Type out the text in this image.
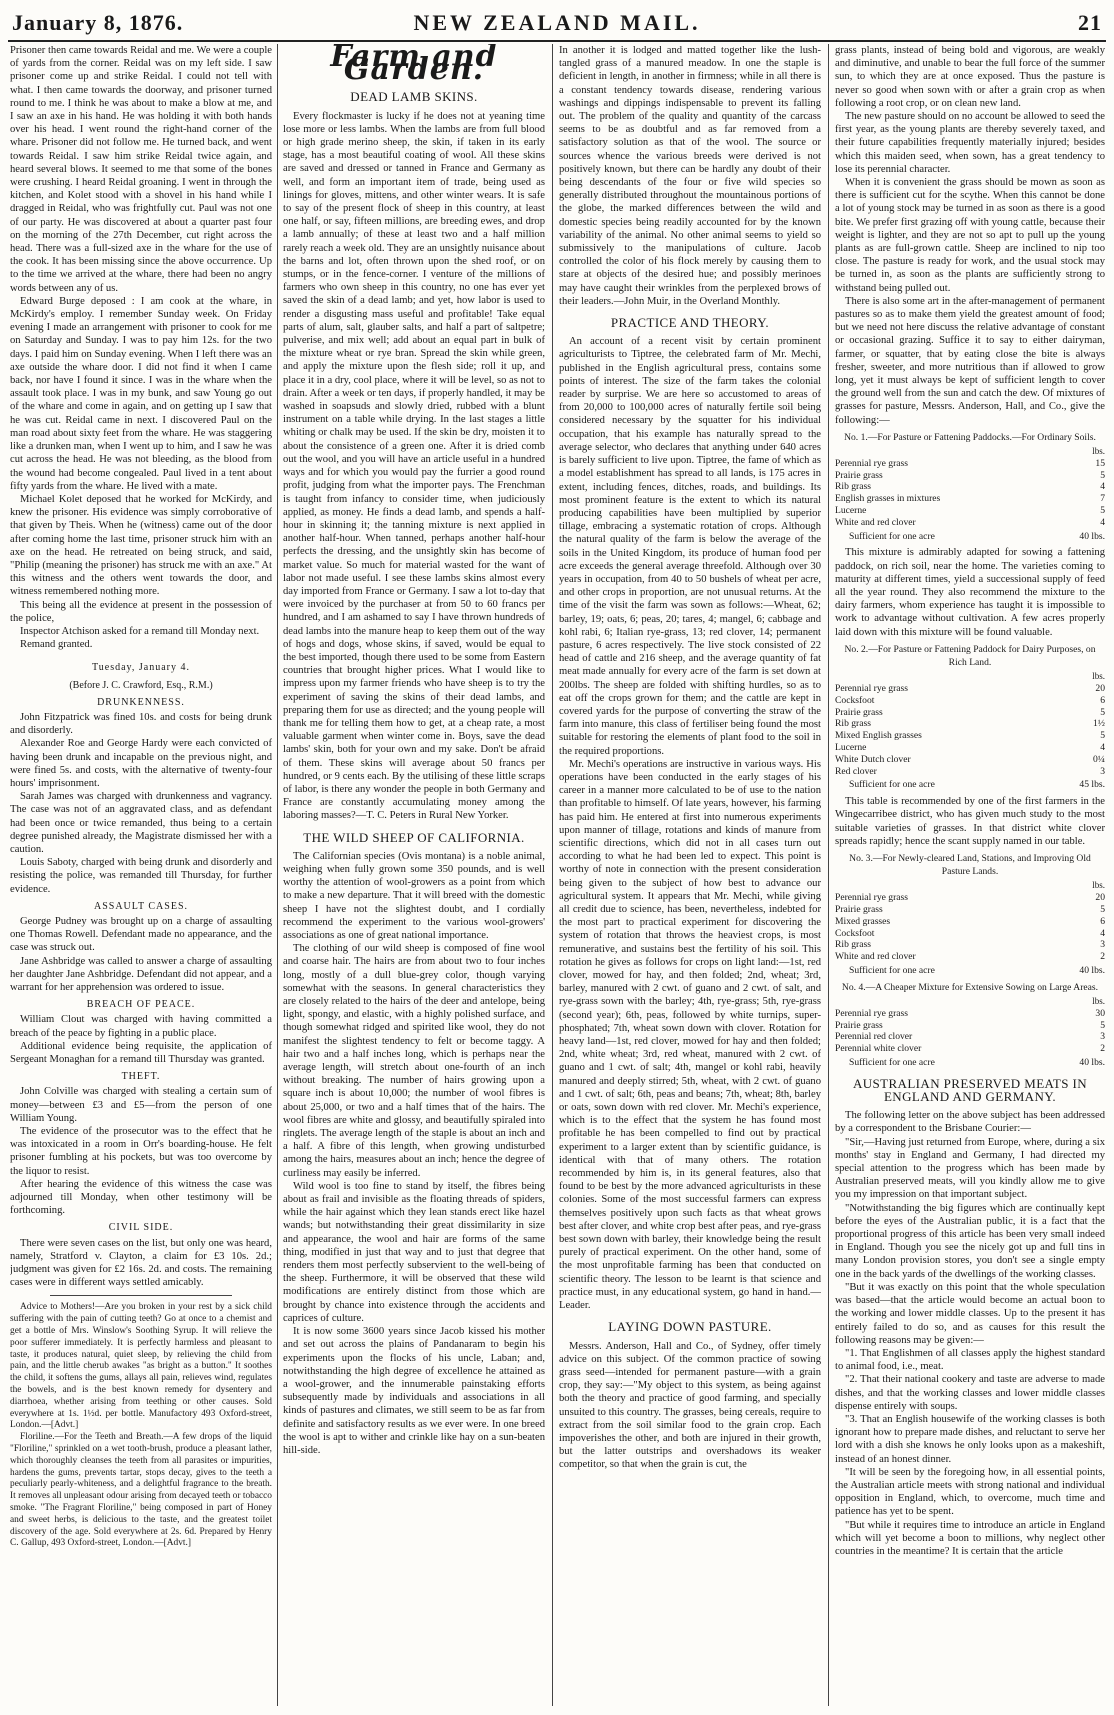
January 8, 1876.	NEW ZEALAND MAIL.	21

Prisoner then came towards Reidal and me. We were a couple of yards from the corner. Reidal was on my left side. I saw prisoner come up and strike Reidal. I could not tell with what. I then came towards the doorway, and prisoner turned round to me. I think he was about to make a blow at me, and I saw an axe in his hand. He was holding it with both hands over his head. I went round the right-hand corner of the whare. Prisoner did not follow me. He turned back, and went towards Reidal. I saw him strike Reidal twice again, and heard several blows. It seemed to me that some of the bones were crushing. I heard Reidal groaning. I went in through the kitchen, and Kolet stood with a shovel in his hand while I dragged in Reidal, who was frightfully cut. Paul was not one of our party. He was discovered at about a quarter past four on the morning of the 27th December, cut right across the head. There was a full-sized axe in the whare for the use of the cook. It has been missing since the above occurrence. Up to the time we arrived at the whare, there had been no angry words between any of us.

Edward Burge deposed : I am cook at the whare, in McKirdy's employ. I remember Sunday week. On Friday evening I made an arrangement with prisoner to cook for me on Saturday and Sunday. I was to pay him 12s. for the two days. I paid him on Sunday evening. When I left there was an axe outside the whare door. I did not find it when I came back, nor have I found it since. I was in the whare when the assault took place. I was in my bunk, and saw Young go out of the whare and come in again, and on getting up I saw that he was cut. Reidal came in next. I discovered Paul on the man road about sixty feet from the whare. He was staggering like a drunken man, when I went up to him, and I saw he was cut across the head. He was not bleeding, as the blood from the wound had become congealed. Paul lived in a tent about fifty yards from the whare. He lived with a mate.

Michael Kolet deposed that he worked for McKirdy, and knew the prisoner. His evidence was simply corroborative of that given by Theis. When he (witness) came out of the door after coming home the last time, prisoner struck him with an axe on the head. He retreated on being struck, and said, "Philip (meaning the prisoner) has struck me with an axe." At this witness and the others went towards the door, and witness remembered nothing more.

This being all the evidence at present in the possession of the police,

Inspector Atchison asked for a remand till Monday next.

Remand granted.

Tuesday, January 4.
(Before J. C. Crawford, Esq., R.M.)
DRUNKENNESS.

John Fitzpatrick was fined 10s. and costs for being drunk and disorderly.

Alexander Roe and George Hardy were each convicted of having been drunk and incapable on the previous night, and were fined 5s. and costs, with the alternative of twenty-four hours' imprisonment.

Sarah James was charged with drunkenness and vagrancy. The case was not of an aggravated class, and as defendant had been once or twice remanded, thus being to a certain degree punished already, the Magistrate dismissed her with a caution.

Louis Saboty, charged with being drunk and disorderly and resisting the police, was remanded till Thursday, for further evidence.

ASSAULT CASES.

George Pudney was brought up on a charge of assaulting one Thomas Rowell. Defendant made no appearance, and the case was struck out.

Jane Ashbridge was called to answer a charge of assaulting her daughter Jane Ashbridge. Defendant did not appear, and a warrant for her apprehension was ordered to issue.

BREACH OF PEACE.

William Clout was charged with having committed a breach of the peace by fighting in a public place.

Additional evidence being requisite, the application of Sergeant Monaghan for a remand till Thursday was granted.

THEFT.

John Colville was charged with stealing a certain sum of money—between £3 and £5—from the person of one William Young.

The evidence of the prosecutor was to the effect that he was intoxicated in a room in Orr's boarding-house. He felt prisoner fumbling at his pockets, but was too overcome by the liquor to resist.

After hearing the evidence of this witness the case was adjourned till Monday, when other testimony will be forthcoming.

CIVIL SIDE.

There were seven cases on the list, but only one was heard, namely, Stratford v. Clayton, a claim for £3 10s. 2d.; judgment was given for £2 16s. 2d. and costs. The remaining cases were in different ways settled amicably.

Advice to Mothers!—Are you broken in your rest by a sick child suffering with the pain of cutting teeth? Go at once to a chemist and get a bottle of Mrs. Winslow's Soothing Syrup. It will relieve the poor sufferer immediately. It is perfectly harmless and pleasant to taste, it produces natural, quiet sleep, by relieving the child from pain, and the little cherub awakes "as bright as a button." It soothes the child, it softens the gums, allays all pain, relieves wind, regulates the bowels, and is the best known remedy for dysentery and diarrhoea, whether arising from teething or other causes. Sold everywhere at 1s. 1½d. per bottle. Manufactory 493 Oxford-street, London.—[Advt.]

Floriline.—For the Teeth and Breath.—A few drops of the liquid "Floriline," sprinkled on a wet tooth-brush, produce a pleasant lather, which thoroughly cleanses the teeth from all parasites or impurities, hardens the gums, prevents tartar, stops decay, gives to the teeth a peculiarly pearly-whiteness, and a delightful fragrance to the breath. It removes all unpleasant odour arising from decayed teeth or tobacco smoke. "The Fragrant Floriline," being composed in part of Honey and sweet herbs, is delicious to the taste, and the greatest toilet discovery of the age. Sold everywhere at 2s. 6d. Prepared by Henry C. Gallup, 493 Oxford-street, London.—[Advt.]

Farm and Garden.
DEAD LAMB SKINS.

Every flockmaster is lucky if he does not at yeaning time lose more or less lambs. When the lambs are from full blood or high grade merino sheep, the skin, if taken in its early stage, has a most beautiful coating of wool. All these skins are saved and dressed or tanned in France and Germany as well, and form an important item of trade, being used as linings for gloves, mittens, and other winter wears. It is safe to say of the present flock of sheep in this country, at least one half, or say, fifteen millions, are breeding ewes, and drop a lamb annually; of these at least two and a half million rarely reach a week old. They are an unsightly nuisance about the barns and lot, often thrown upon the shed roof, or on stumps, or in the fence-corner. I venture of the millions of farmers who own sheep in this country, no one has ever yet saved the skin of a dead lamb; and yet, how labor is used to render a disgusting mass useful and profitable! Take equal parts of alum, salt, glauber salts, and half a part of saltpetre; pulverise, and mix well; add about an equal part in bulk of the mixture wheat or rye bran. Spread the skin while green, and apply the mixture upon the flesh side; roll it up, and place it in a dry, cool place, where it will be level, so as not to drain. After a week or ten days, if properly handled, it may be washed in soapsuds and slowly dried, rubbed with a blunt instrument on a table while drying. In the last stages a little whiting or chalk may be used. If the skin be dry, moisten it to about the consistence of a green one. After it is dried comb out the wool, and you will have an article useful in a hundred ways and for which you would pay the furrier a good round profit, judging from what the importer pays. The Frenchman is taught from infancy to consider time, when judiciously applied, as money. He finds a dead lamb, and spends a half-hour in skinning it; the tanning mixture is next applied in another half-hour. When tanned, perhaps another half-hour perfects the dressing, and the unsightly skin has become of market value. So much for material wasted for the want of labor not made useful. I see these lambs skins almost every day imported from France or Germany. I saw a lot to-day that were invoiced by the purchaser at from 50 to 60 francs per hundred, and I am ashamed to say I have thrown hundreds of dead lambs into the manure heap to keep them out of the way of hogs and dogs, whose skins, if saved, would be equal to the best imported, though there used to be some from Eastern countries that brought higher prices. What I would like to impress upon my farmer friends who have sheep is to try the experiment of saving the skins of their dead lambs, and preparing them for use as directed; and the young people will thank me for telling them how to get, at a cheap rate, a most valuable garment when winter come in. Boys, save the dead lambs' skin, both for your own and my sake. Don't be afraid of them. These skins will average about 50 francs per hundred, or 9 cents each. By the utilising of these little scraps of labor, is there any wonder the people in both Germany and France are constantly accumulating money among the laboring masses?—T. C. Peters in Rural New Yorker.

THE WILD SHEEP OF CALIFORNIA.

The Californian species (Ovis montana) is a noble animal, weighing when fully grown some 350 pounds, and is well worthy the attention of wool-growers as a point from which to make a new departure. That it will breed with the domestic sheep I have not the slightest doubt, and I cordially recommend the experiment to the various wool-growers' associations as one of great national importance.

The clothing of our wild sheep is composed of fine wool and coarse hair. The hairs are from about two to four inches long, mostly of a dull blue-grey color, though varying somewhat with the seasons. In general characteristics they are closely related to the hairs of the deer and antelope, being light, spongy, and elastic, with a highly polished surface, and though somewhat ridged and spirited like wool, they do not manifest the slightest tendency to felt or become taggy. A hair two and a half inches long, which is perhaps near the average length, will stretch about one-fourth of an inch without breaking. The number of hairs growing upon a square inch is about 10,000; the number of wool fibres is about 25,000, or two and a half times that of the hairs. The wool fibres are white and glossy, and beautifully spiraled into ringlets. The average length of the staple is about an inch and a half. A fibre of this length, when growing undisturbed among the hairs, measures about an inch; hence the degree of curliness may easily be inferred.

Wild wool is too fine to stand by itself, the fibres being about as frail and invisible as the floating threads of spiders, while the hair against which they lean stands erect like hazel wands; but notwithstanding their great dissimilarity in size and appearance, the wool and hair are forms of the same thing, modified in just that way and to just that degree that renders them most perfectly subservient to the well-being of the sheep. Furthermore, it will be observed that these wild modifications are entirely distinct from those which are brought by chance into existence through the accidents and caprices of culture.

It is now some 3600 years since Jacob kissed his mother and set out across the plains of Pandanaram to begin his experiments upon the flocks of his uncle, Laban; and, notwithstanding the high degree of excellence he attained as a wool-grower, and the innumerable painstaking efforts subsequently made by individuals and associations in all kinds of pastures and climates, we still seem to be as far from definite and satisfactory results as we ever were. In one breed the wool is apt to wither and crinkle like hay on a sun-beaten hill-side.

In another it is lodged and matted together like the lush-tangled grass of a manured meadow. In one the staple is deficient in length, in another in firmness; while in all there is a constant tendency towards disease, rendering various washings and dippings indispensable to prevent its falling out. The problem of the quality and quantity of the carcass seems to be as doubtful and as far removed from a satisfactory solution as that of the wool. The source or sources whence the various breeds were derived is not positively known, but there can be hardly any doubt of their being descendants of the four or five wild species so generally distributed throughout the mountainous portions of the globe, the marked differences between the wild and domestic species being readily accounted for by the known variability of the animal. No other animal seems to yield so submissively to the manipulations of culture. Jacob controlled the color of his flock merely by causing them to stare at objects of the desired hue; and possibly merinoes may have caught their wrinkles from the perplexed brows of their leaders.—John Muir, in the Overland Monthly.

PRACTICE AND THEORY.

An account of a recent visit by certain prominent agriculturists to Tiptree, the celebrated farm of Mr. Mechi, published in the English agricultural press, contains some points of interest. The size of the farm takes the colonial reader by surprise. We are here so accustomed to areas of from 20,000 to 100,000 acres of naturally fertile soil being considered necessary by the squatter for his individual occupation, that his example has naturally spread to the average selector, who declares that anything under 640 acres is barely sufficient to live upon. Tiptree, the fame of which as a model establishment has spread to all lands, is 175 acres in extent, including fences, ditches, roads, and buildings. Its most prominent feature is the extent to which its natural producing capabilities have been multiplied by superior tillage, embracing a systematic rotation of crops. Although the natural quality of the farm is below the average of the soils in the United Kingdom, its produce of human food per acre exceeds the general average threefold. Although over 30 years in occupation, from 40 to 50 bushels of wheat per acre, and other crops in proportion, are not unusual returns. At the time of the visit the farm was sown as follows:—Wheat, 62; barley, 19; oats, 6; peas, 20; tares, 4; mangel, 6; cabbage and kohl rabi, 6; Italian rye-grass, 13; red clover, 14; permanent pasture, 6 acres respectively. The live stock consisted of 22 head of cattle and 216 sheep, and the average quantity of fat meat made annually for every acre of the farm is set down at 200lbs. The sheep are folded with shifting hurdles, so as to eat off the crops grown for them; and the cattle are kept in covered yards for the purpose of converting the straw of the farm into manure, this class of fertiliser being found the most suitable for restoring the elements of plant food to the soil in the required proportions.

Mr. Mechi's operations are instructive in various ways. His operations have been conducted in the early stages of his career in a manner more calculated to be of use to the nation than profitable to himself. Of late years, however, his farming has paid him. He entered at first into numerous experiments upon manner of tillage, rotations and kinds of manure from scientific directions, which did not in all cases turn out according to what he had been led to expect. This point is worthy of note in connection with the present consideration being given to the subject of how best to advance our agricultural system. It appears that Mr. Mechi, while giving all credit due to science, has been, nevertheless, indebted for the most part to practical experiment for discovering the system of rotation that throws the heaviest crops, is most remunerative, and sustains best the fertility of his soil. This rotation he gives as follows for crops on light land:—1st, red clover, mowed for hay, and then folded; 2nd, wheat; 3rd, barley, manured with 2 cwt. of guano and 2 cwt. of salt, and rye-grass sown with the barley; 4th, rye-grass; 5th, rye-grass (second year); 6th, peas, followed by white turnips, super-phosphated; 7th, wheat sown down with clover. Rotation for heavy land—1st, red clover, mowed for hay and then folded; 2nd, white wheat; 3rd, red wheat, manured with 2 cwt. of guano and 1 cwt. of salt; 4th, mangel or kohl rabi, heavily manured and deeply stirred; 5th, wheat, with 2 cwt. of guano and 1 cwt. of salt; 6th, peas and beans; 7th, wheat; 8th, barley or oats, sown down with red clover. Mr. Mechi's experience, which is to the effect that the system he has found most profitable he has been compelled to find out by practical experiment to a larger extent than by scientific guidance, is identical with that of many others. The rotation recommended by him is, in its general features, also that found to be best by the more advanced agriculturists in these colonies. Some of the most successful farmers can express themselves positively upon such facts as that wheat grows best after clover, and white crop best after peas, and rye-grass best sown down with barley, their knowledge being the result purely of practical experiment. On the other hand, some of the most unprofitable farming has been that conducted on scientific theory. The lesson to be learnt is that science and practice must, in any educational system, go hand in hand.—Leader.

LAYING DOWN PASTURE.

Messrs. Anderson, Hall and Co., of Sydney, offer timely advice on this subject. Of the common practice of sowing grass seed—intended for permanent pasture—with a grain crop, they say:—"My object to this system, as being against both the theory and practice of good farming, and specially unsuited to this country. The grasses, being cereals, require to extract from the soil similar food to the grain crop. Each impoverishes the other, and both are injured in their growth, but the latter outstrips and overshadows its weaker competitor, so that when the grain is cut, the

grass plants, instead of being bold and vigorous, are weakly and diminutive, and unable to bear the full force of the summer sun, to which they are at once exposed. Thus the pasture is never so good when sown with or after a grain crop as when following a root crop, or on clean new land.

The new pasture should on no account be allowed to seed the first year, as the young plants are thereby severely taxed, and their future capabilities frequently materially injured; besides which this maiden seed, when sown, has a great tendency to lose its perennial character.

When it is convenient the grass should be mown as soon as there is sufficient cut for the scythe. When this cannot be done a lot of young stock may be turned in as soon as there is a good bite. We prefer first grazing off with young cattle, because their weight is lighter, and they are not so apt to pull up the young plants as are full-grown cattle. Sheep are inclined to nip too close. The pasture is ready for work, and the usual stock may be turned in, as soon as the plants are sufficiently strong to withstand being pulled out.

There is also some art in the after-management of permanent pastures so as to make them yield the greatest amount of food; but we need not here discuss the relative advantage of constant or occasional grazing. Suffice it to say to either dairyman, farmer, or squatter, that by eating close the bite is always fresher, sweeter, and more nutritious than if allowed to grow long, yet it must always be kept of sufficient length to cover the ground well from the sun and catch the dew. Of mixtures of grasses for pasture, Messrs. Anderson, Hall, and Co., give the following:—

No. 1.—For Pasture or Fattening Paddocks.—For Ordinary Soils.
	lbs.
Perennial rye grass	15
Prairie grass	5
Rib grass	4
English grasses in mixtures	7
Lucerne	5
White and red clover	4
Sufficient for one acre	40 lbs.

This mixture is admirably adapted for sowing a fattening paddock, on rich soil, near the home. The varieties coming to maturity at different times, yield a successional supply of feed all the year round. They also recommend the mixture to the dairy farmers, whom experience has taught it is impossible to work to advantage without cultivation. A few acres properly laid down with this mixture will be found valuable.

No. 2.—For Pasture or Fattening Paddock for Dairy Purposes, on Rich Land.
	lbs.
Perennial rye grass	20
Cocksfoot	6
Prairie grass	5
Rib grass	1½
Mixed English grasses	5
Lucerne	4
White Dutch clover	0¼
Red clover	3
Sufficient for one acre	45 lbs.

This table is recommended by one of the first farmers in the Wingecarribee district, who has given much study to the most suitable varieties of grasses. In that district white clover spreads rapidly; hence the scant supply named in our table.

No. 3.—For Newly-cleared Land, Stations, and Improving Old Pasture Lands.
	lbs.
Perennial rye grass	20
Prairie grass	5
Mixed grasses	6
Cocksfoot	4
Rib grass	3
White and red clover	2
Sufficient for one acre	40 lbs.
No. 4.—A Cheaper Mixture for Extensive Sowing on Large Areas.
	lbs.
Perennial rye grass	30
Prairie grass	5
Perennial red clover	3
Perennial white clover	2
Sufficient for one acre	40 lbs.
AUSTRALIAN PRESERVED MEATS IN ENGLAND AND GERMANY.

The following letter on the above subject has been addressed by a correspondent to the Brisbane Courier:—

"Sir,—Having just returned from Europe, where, during a six months' stay in England and Germany, I had directed my special attention to the progress which has been made by Australian preserved meats, will you kindly allow me to give you my impression on that important subject.

"Notwithstanding the big figures which are continually kept before the eyes of the Australian public, it is a fact that the proportional progress of this article has been very small indeed in England. Though you see the nicely got up and full tins in many London provision stores, you don't see a single empty one in the back yards of the dwellings of the working classes.

"But it was exactly on this point that the whole speculation was based—that the article would become an actual boon to the working and lower middle classes. Up to the present it has entirely failed to do so, and as causes for this result the following reasons may be given:—

"1. That Englishmen of all classes apply the highest standard to animal food, i.e., meat.

"2. That their national cookery and taste are adverse to made dishes, and that the working classes and lower middle classes dispense entirely with soups.

"3. That an English housewife of the working classes is both ignorant how to prepare made dishes, and reluctant to serve her lord with a dish she knows he only looks upon as a makeshift, instead of an honest dinner.

"It will be seen by the foregoing how, in all essential points, the Australian article meets with strong national and individual opposition in England, which, to overcome, much time and patience has yet to be spent.

"But while it requires time to introduce an article in England which will yet become a boon to millions, why neglect other countries in the meantime? It is certain that the article
